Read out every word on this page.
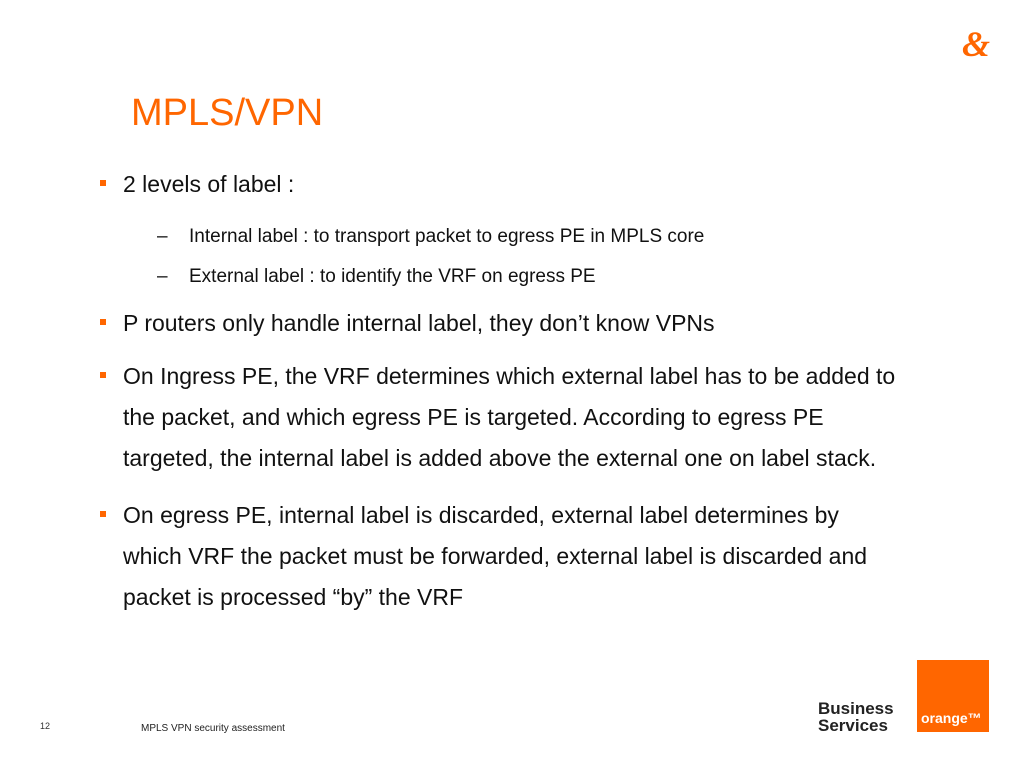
&
MPLS/VPN
2 levels of label :
– Internal label : to transport packet to egress PE in MPLS core
– External label : to identify the VRF on egress PE
P routers only handle internal label, they don’t know VPNs
On Ingress PE, the VRF determines which external label has to be added to the packet, and which egress PE is targeted. According to egress PE targeted, the internal label is added above the external one on label stack.
On egress PE, internal label is discarded, external label determines by which VRF the packet must be forwarded, external label is discarded and packet is processed “by” the VRF
12	MPLS VPN security assessment
Business
Services	orange™
